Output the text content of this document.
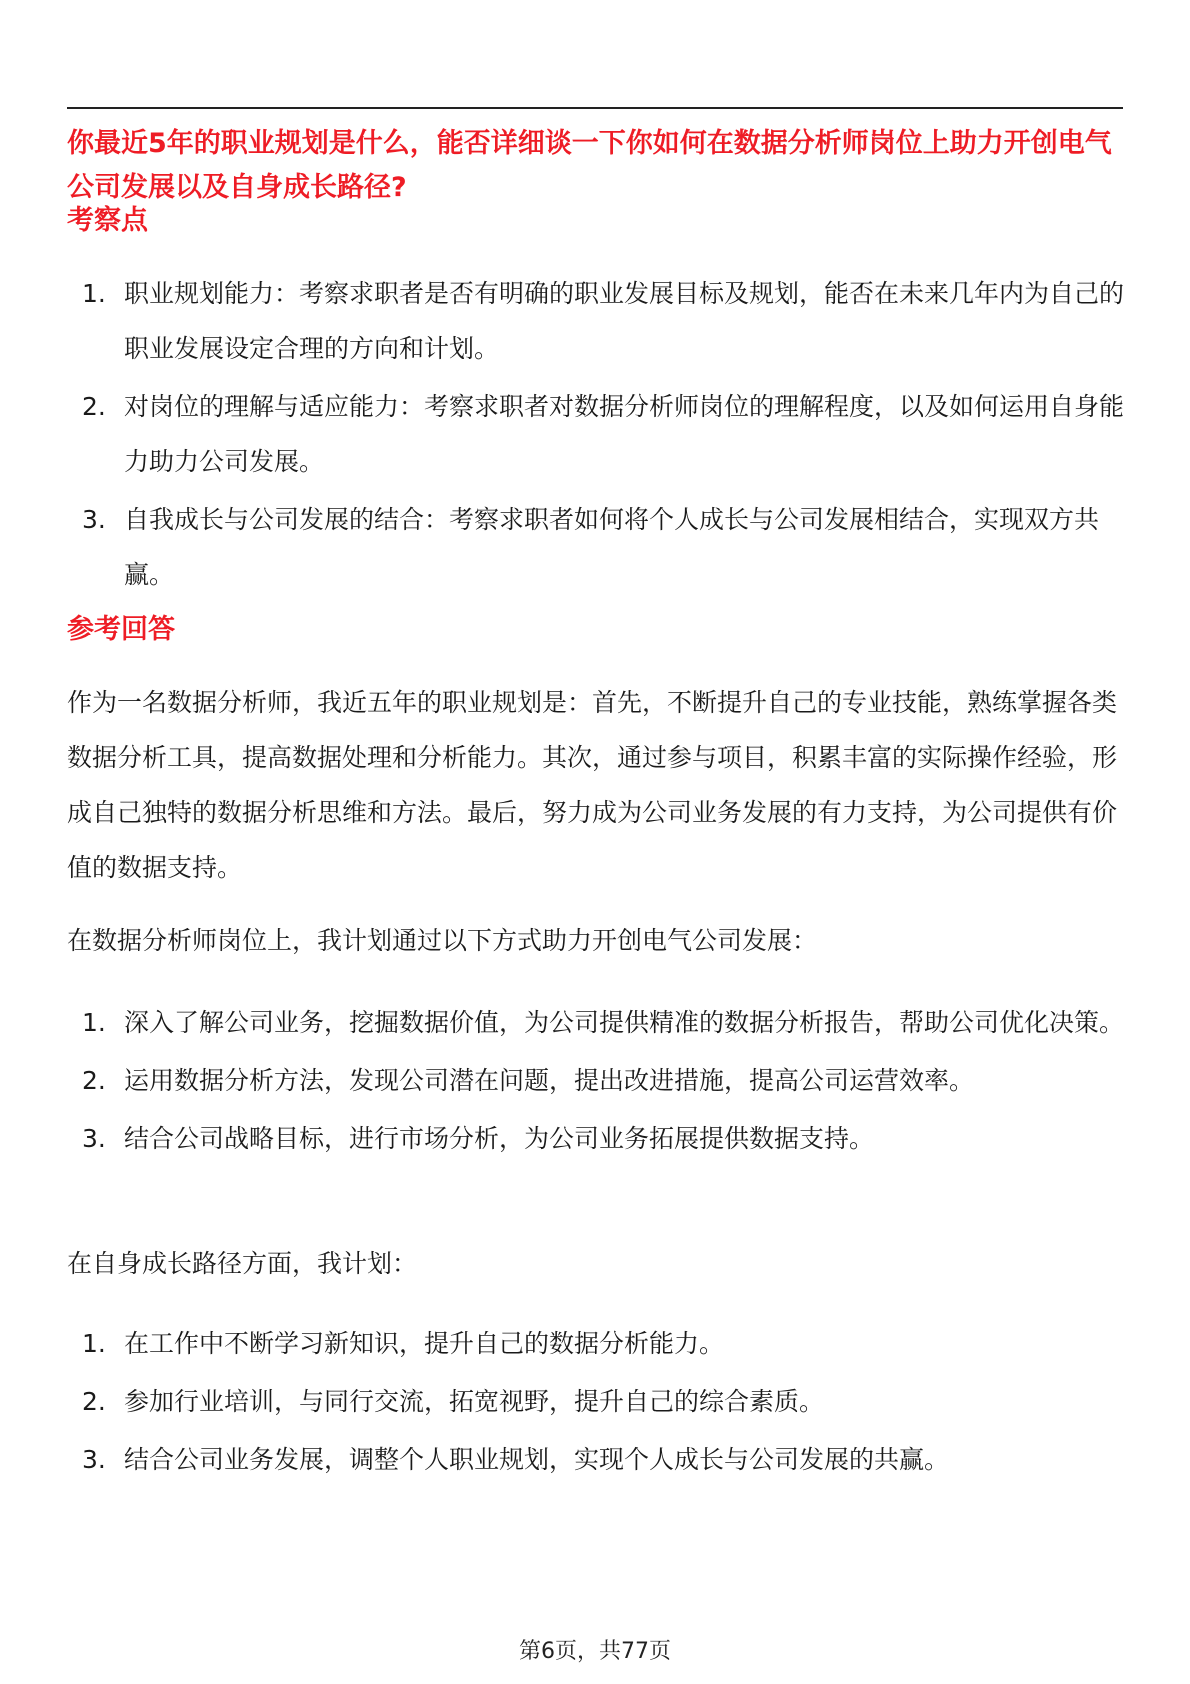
你最近5年的职业规划是什么，能否详细谈一下你如何在数据分析师岗位上助力开创电气公司发展以及自身成长路径?
考察点
1. 职业规划能力：考察求职者是否有明确的职业发展目标及规划，能否在未来几年内为自己的职业发展设定合理的方向和计划。
2. 对岗位的理解与适应能力：考察求职者对数据分析师岗位的理解程度，以及如何运用自身能力助力公司发展。
3. 自我成长与公司发展的结合：考察求职者如何将个人成长与公司发展相结合，实现双方共赢。
参考回答

作为一名数据分析师，我近五年的职业规划是：首先，不断提升自己的专业技能，熟练掌握各类数据分析工具，提高数据处理和分析能力。其次，通过参与项目，积累丰富的实际操作经验，形成自己独特的数据分析思维和方法。最后，努力成为公司业务发展的有力支持，为公司提供有价值的数据支持。

在数据分析师岗位上，我计划通过以下方式助力开创电气公司发展：

1. 深入了解公司业务，挖掘数据价值，为公司提供精准的数据分析报告，帮助公司优化决策。
2. 运用数据分析方法，发现公司潜在问题，提出改进措施，提高公司运营效率。
3. 结合公司战略目标，进行市场分析，为公司业务拓展提供数据支持。

在自身成长路径方面，我计划：

1. 在工作中不断学习新知识，提升自己的数据分析能力。
2. 参加行业培训，与同行交流，拓宽视野，提升自己的综合素质。
3. 结合公司业务发展，调整个人职业规划，实现个人成长与公司发展的共赢。
第6页，共77页
